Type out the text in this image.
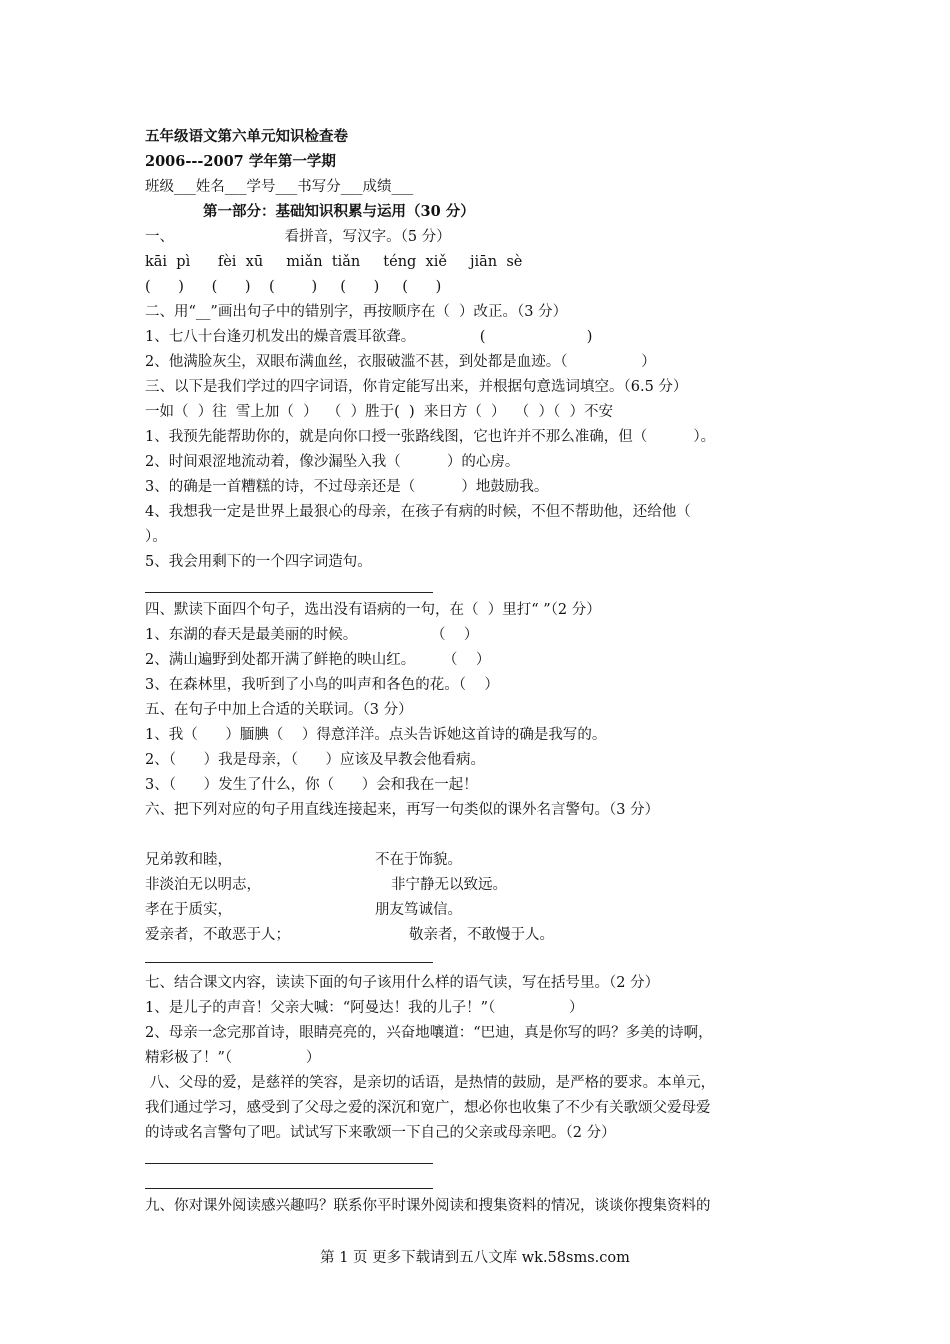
五年级语文第六单元知识检查卷
2006---2007 学年第一学期
班级___姓名___学号___书写分___成绩___
第一部分：基础知识积累与运用（30 分）
一、                        看拼音，写汉字。（5 分）
kāi  pì      fèi  xū     miǎn  tiǎn     téng  xiě     jiān  sè
(      )      (      )    (        )     (      )     (      )
二、用“__”画出句子中的错别字，再按顺序在（  ）改正。（3 分）
1、七八十台逢刃机发出的燥音震耳欲聋。              (                      )
2、他满脸灰尘，双眼布满血丝，衣服破滥不甚，到处都是血迹。（                ）
三、以下是我们学过的四字词语，你肯定能写出来，并根据句意选词填空。（6.5 分）
一如（  ）往  雪上加（  ）  （  ）胜于(  )  来日方（  ）  （  ）（  ）不安
1、我预先能帮助你的，就是向你口授一张路线图，它也许并不那么准确，但（          ）。
2、时间艰涩地流动着，像沙漏坠入我（          ）的心房。
3、的确是一首糟糕的诗，不过母亲还是（          ）地鼓励我。
4、我想我一定是世界上最狠心的母亲，在孩子有病的时候，不但不帮助他，还给他（
）。
5、我会用剩下的一个四字词造句。
四、默读下面四个句子，选出没有语病的一句，在（  ）里打“ ”（2 分）
1、东湖的春天是最美丽的时候。                （    ）
2、满山遍野到处都开满了鲜艳的映山红。      （    ）
3、在森林里，我听到了小鸟的叫声和各色的花。（    ）
五、在句子中加上合适的关联词。（3 分）
1、我（      ）腼腆（    ）得意洋洋。点头告诉她这首诗的确是我写的。
2、（      ）我是母亲，（      ）应该及早教会他看病。
3、（      ）发生了什么，你（      ）会和我在一起！
六、把下列对应的句子用直线连接起来，再写一句类似的课外名言警句。（3 分）
兄弟敦和睦，
非淡泊无以明志，
孝在于质实，
爱亲者，不敢恶于人；
不在于饰貌。
非宁静无以致远。
朋友笃诚信。
敬亲者，不敢慢于人。
七、结合课文内容，读读下面的句子该用什么样的语气读，写在括号里。（2 分）
1、是儿子的声音！父亲大喊：“阿曼达！我的儿子！”（                ）
2、母亲一念完那首诗，眼睛亮亮的，兴奋地嚷道：“巴迪，真是你写的吗？多美的诗啊，
精彩极了！”（                ）
八、父母的爱，是慈祥的笑容，是亲切的话语，是热情的鼓励，是严格的要求。本单元，
我们通过学习，感受到了父母之爱的深沉和宽广，想必你也收集了不少有关歌颂父爱母爱
的诗或名言警句了吧。试试写下来歌颂一下自己的父亲或母亲吧。（2 分）
九、你对课外阅读感兴趣吗？联系你平时课外阅读和搜集资料的情况，谈谈你搜集资料的
第 1 页 更多下载请到五八文库 wk.58sms.com
